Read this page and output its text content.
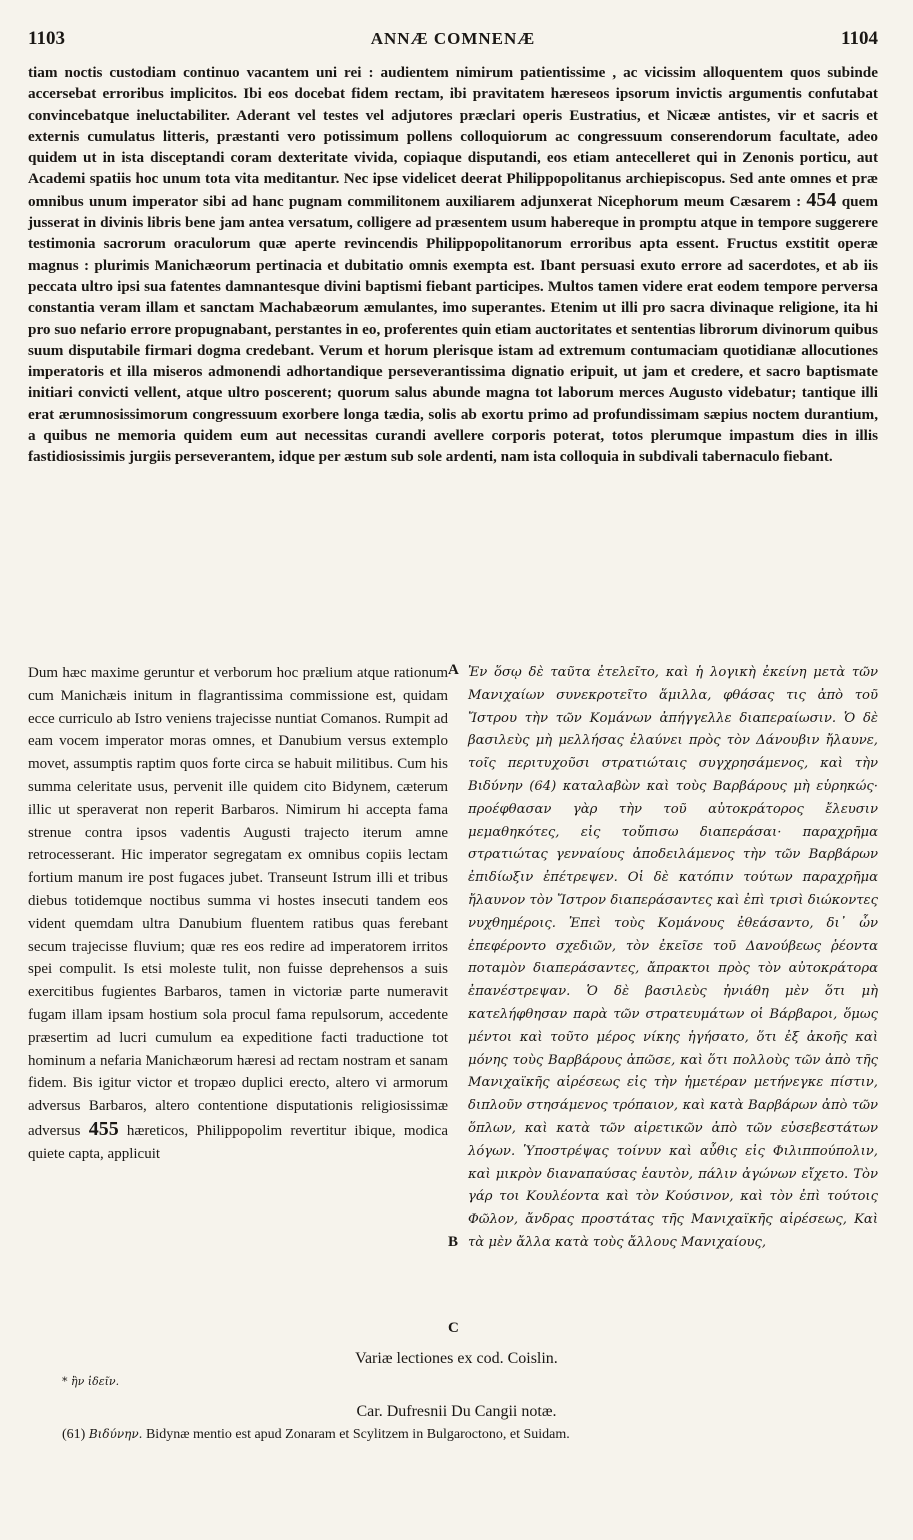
1103	ANNÆ COMNENÆ	1104

tiam noctis custodiam continuo vacantem uni rei : audientem nimirum patientissime , ac vicissim alloquentem quos subinde accersebat erroribus implicitos. Ibi eos docebat fidem rectam, ibi pravitatem hæreseos ipsorum invictis argumentis confutabat convincebatque ineluctabiliter. Aderant vel testes vel adjutores præclari operis Eustratius, et Nicææ antistes, vir et sacris et externis cumulatus litteris, præstanti vero potissimum pollens colloquiorum ac congressuum conserendorum facultate, adeo quidem ut in ista disceptandi coram dexteritate vivida, copiaque disputandi, eos etiam antecelleret qui in Zenonis porticu, aut Academi spatiis hoc unum tota vita meditantur. Nec ipse videlicet deerat Philippopolitanus archiepiscopus. Sed ante omnes et præ omnibus unum imperator sibi ad hanc pugnam commilitonem auxiliarem adjunxerat Nicephorum meum Cæsarem : 454 quem jusserat in divinis libris bene jam antea versatum, colligere ad præsentem usum habereque in promptu atque in tempore suggerere testimonia sacrorum oraculorum quæ aperte revincendis Philippopolitanorum erroribus apta essent. Fructus exstitit operæ magnus : plurimis Manichæorum pertinacia et dubitatio omnis exempta est. Ibant persuasi exuto errore ad sacerdotes, et ab iis peccata ultro ipsi sua fatentes damnantesque divini baptismi fiebant participes. Multos tamen videre erat eodem tempore perversa constantia veram illam et sanctam Machabæorum æmulantes, imo superantes. Etenim ut illi pro sacra divinaque religione, ita hi pro suo nefario errore propugnabant, perstantes in eo, proferentes quin etiam auctoritates et sententias librorum divinorum quibus suum disputabile firmari dogma credebant. Verum et horum plerisque istam ad extremum contumaciam quotidianæ allocutiones imperatoris et illa miseros admonendi adhortandique perseverantissima dignatio eripuit, ut jam et credere, et sacro baptismate initiari convicti vellent, atque ultro poscerent; quorum salus abunde magna tot laborum merces Augusto videbatur; tantique illi erat ærumnosissimorum congressuum exorbere longa tædia, solis ab exortu primo ad profundissimam sæpius noctem durantium, a quibus ne memoria quidem eum aut necessitas curandi avellere corporis poterat, totos plerumque impastum dies in illis fastidiosissimis jurgiis perseverantem, idque per æstum sub sole ardenti, nam ista colloquia in subdivali tabernaculo fiebant.

Dum hæc maxime geruntur et verborum hoc prælium atque rationum cum Manichæis initum in flagrantissima commissione est, quidam ecce curriculo ab Istro veniens trajecisse nuntiat Comanos. Rumpit ad eam vocem imperator moras omnes, et Danubium versus extemplo movet, assumptis raptim quos forte circa se habuit militibus. Cum his summa celeritate usus, pervenit ille quidem cito Bidynem, cæterum illic ut speraverat non reperit Barbaros. Nimirum hi accepta fama strenue contra ipsos vadentis Augusti trajecto iterum amne retrocesserant. Hic imperator segregatam ex omnibus copiis lectam fortium manum ire post fugaces jubet. Transeunt Istrum illi et tribus diebus totidemque noctibus summa vi hostes insecuti tandem eos vident quemdam ultra Danubium fluentem ratibus quas ferebant secum trajecisse fluvium; quæ res eos redire ad imperatorem irritos spei compulit. Is etsi moleste tulit, non fuisse deprehensos a suis exercitibus fugientes Barbaros, tamen in victoriæ parte numeravit fugam illam ipsam hostium sola procul fama repulsorum, accedente præsertim ad lucri cumulum ea expeditione facti traductione tot hominum a nefaria Manichæorum hæresi ad rectam nostram et sanam fidem. Bis igitur victor et tropæo duplici erecto, altero vi armorum adversus Barbaros, altero contentione disputationis religiosissimæ adversus 455 hæreticos, Philippopolim revertitur ibique, modica quiete capta, applicuit
A
B
C
Ἐν ὅσῳ δὲ ταῦτα ἐτελεῖτο, καὶ ἡ λογικὴ ἐκείνη μετὰ τῶν Μανιχαίων συνεκροτεῖτο ἅμιλλα, φθάσας τις ἀπὸ τοῦ Ἴστρου τὴν τῶν Κομάνων ἀπήγγελλε διαπεραίωσιν. Ὁ δὲ βασιλεὺς μὴ μελλήσας ἐλαύνει πρὸς τὸν Δάνουβιν ἤλαυνε, τοῖς περιτυχοῦσι στρατιώταις συγχρησάμενος, καὶ τὴν Βιδύνην (64) καταλαβὼν καὶ τοὺς Βαρβάρους μὴ εὑρηκώς· προέφθασαν γὰρ τὴν τοῦ αὐτοκράτορος ἔλευσιν μεμαθηκότες, εἰς τοὔπισω διαπεράσαι· παραχρῆμα στρατιώτας γενναίους ἀποδειλάμενος τὴν τῶν Βαρβάρων ἐπιδίωξιν ἐπέτρεψεν. Οἱ δὲ κατόπιν τούτων παραχρῆμα ἤλαυνον τὸν Ἴστρον διαπεράσαντες καὶ ἐπὶ τρισὶ διώκοντες νυχθημέροις. Ἐπεὶ τοὺς Κομάνους ἐθεάσαντο, δι᾽ ὧν ἐπεφέροντο σχεδιῶν, τὸν ἐκεῖσε τοῦ Δανούβεως ῥέοντα ποταμὸν διαπεράσαντες, ἄπρακτοι πρὸς τὸν αὐτοκράτορα ἐπανέστρεψαν. Ὁ δὲ βασιλεὺς ἠνιάθη μὲν ὅτι μὴ κατελήφθησαν παρὰ τῶν στρατευμάτων οἱ Βάρβαροι, ὅμως μέντοι καὶ τοῦτο μέρος νίκης ἡγήσατο, ὅτι ἐξ ἀκοῆς καὶ μόνης τοὺς Βαρβάρους ἀπῶσε, καὶ ὅτι πολλοὺς τῶν ἀπὸ τῆς Μανιχαϊκῆς αἱρέσεως εἰς τὴν ἡμετέραν μετήνεγκε πίστιν, διπλοῦν στησάμενος τρόπαιον, καὶ κατὰ Βαρβάρων ἀπὸ τῶν ὅπλων, καὶ κατὰ τῶν αἱρετικῶν ἀπὸ τῶν εὐσεβεστάτων λόγων. Ὑποστρέψας τοίνυν καὶ αὖθις εἰς Φιλιππούπολιν, καὶ μικρὸν διαναπαύσας ἑαυτὸν, πάλιν ἀγώνων εἴχετο. Τὸν γάρ τοι Κουλέοντα καὶ τὸν Κούσινον, καὶ τὸν ἐπὶ τούτοις Φῶλον, ἄνδρας προστάτας τῆς Μανιχαϊκῆς αἱρέσεως, Καὶ τὰ μὲν ἄλλα κατὰ τοὺς ἄλλους Μανιχαίους,
Variæ lectiones ex cod. Coislin.
* ἢν ἰδεῖν.
Car. Dufresnii Du Cangii notæ.
(61) Βιδύνην. Bidynæ mentio est apud Zonaram et Scylitzem in Bulgaroctono, et Suidam.
